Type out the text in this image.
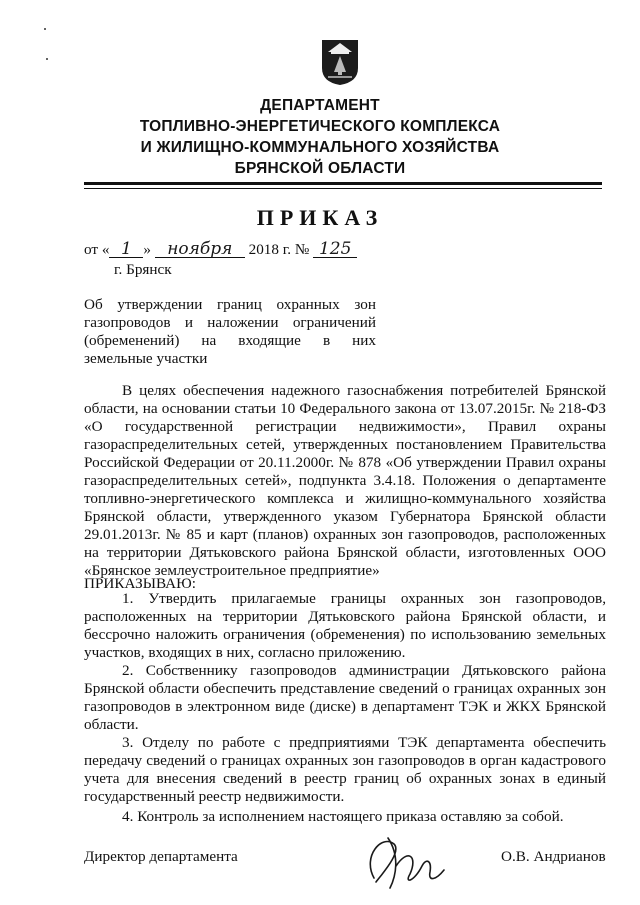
ДЕПАРТАМЕНТ
ТОПЛИВНО-ЭНЕРГЕТИЧЕСКОГО КОМПЛЕКСА
И ЖИЛИЩНО-КОММУНАЛЬНОГО ХОЗЯЙСТВА
БРЯНСКОЙ ОБЛАСТИ
ПРИКАЗ
от « 1 » ноября 2018 г. № 125
г. Брянск
Об утверждении границ охранных зон
газопроводов и наложении ограничений
(обременений) на входящие в них
земельные участки
В целях обеспечения надежного газоснабжения потребителей Брянской
области, на основании статьи 10 Федерального закона от 13.07.2015г. № 218-ФЗ
«О государственной регистрации недвижимости», Правил охраны
газораспределительных сетей, утвержденных постановлением Правительства
Российской Федерации от 20.11.2000г. № 878 «Об утверждении Правил охраны
газораспределительных сетей», подпункта 3.4.18. Положения о департаменте
топливно-энергетического комплекса и жилищно-коммунального хозяйства
Брянской области, утвержденного указом Губернатора Брянской области
29.01.2013г. № 85 и карт (планов) охранных зон газопроводов, расположенных
на территории Дятьковского района Брянской области, изготовленных ООО
«Брянское землеустроительное предприятие»
ПРИКАЗЫВАЮ:
1. Утвердить прилагаемые границы охранных зон газопроводов,
расположенных на территории Дятьковского района Брянской области, и
бессрочно наложить ограничения (обременения) по использованию земельных
участков, входящих в них, согласно приложению.
2. Собственнику газопроводов администрации Дятьковского района
Брянской области обеспечить представление сведений о границах охранных зон
газопроводов в электронном виде (диске) в департамент ТЭК и ЖКХ Брянской
области.
3. Отделу по работе с предприятиями ТЭК департамента обеспечить
передачу сведений о границах охранных зон газопроводов в орган кадастрового
учета для внесения сведений в реестр границ об охранных зонах в единый
государственный реестр недвижимости.
4. Контроль за исполнением настоящего приказа оставляю за собой.
Директор департамента	О.В. Андрианов
